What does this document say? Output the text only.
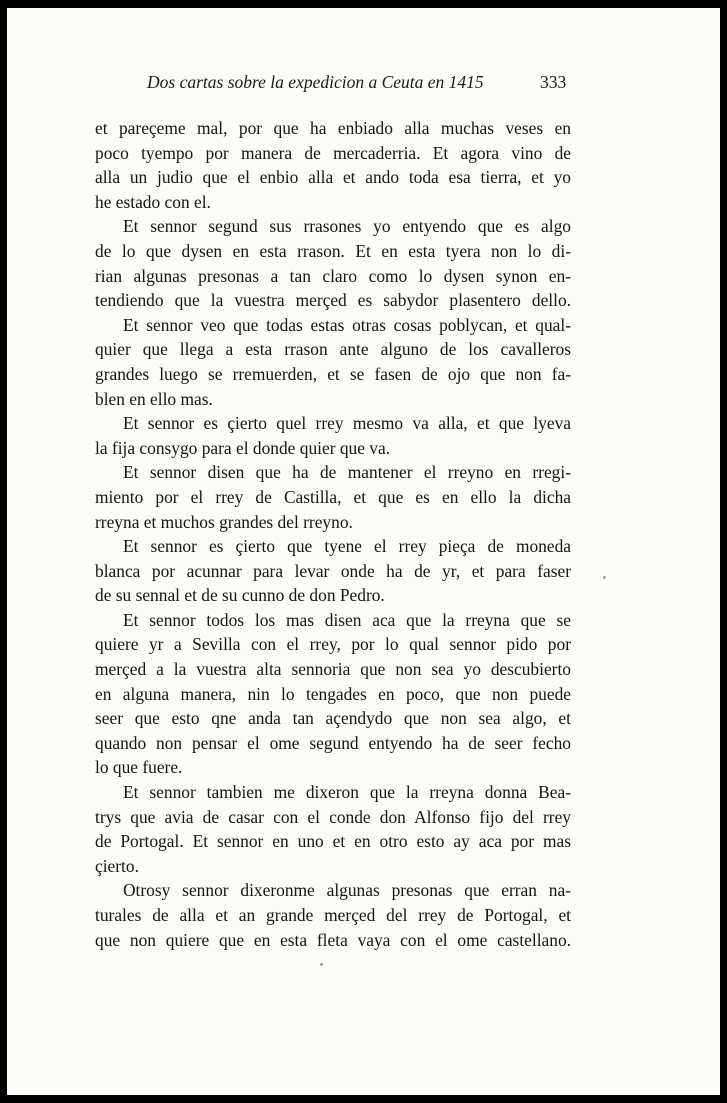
Dos cartas sobre la expedicion a Ceuta en 1415	333
et pareçeme mal, por que ha enbiado alla muchas veses en
poco tyempo por manera de mercaderria. Et agora vino de
alla un judio que el enbio alla et ando toda esa tierra, et yo
he estado con el.
Et sennor segund sus rrasones yo entyendo que es algo
de lo que dysen en esta rrason. Et en esta tyera non lo di-
rian algunas presonas a tan claro como lo dysen synon en-
tendiendo que la vuestra merçed es sabydor plasentero dello.
Et sennor veo que todas estas otras cosas poblycan, et qual-
quier que llega a esta rrason ante alguno de los cavalleros
grandes luego se rremuerden, et se fasen de ojo que non fa-
blen en ello mas.
Et sennor es çierto quel rrey mesmo va alla, et que lyeva
la fija consygo para el donde quier que va.
Et sennor disen que ha de mantener el rreyno en rregi-
miento por el rrey de Castilla, et que es en ello la dicha
rreyna et muchos grandes del rreyno.
Et sennor es çierto que tyene el rrey pieça de moneda
blanca por acunnar para levar onde ha de yr, et para faser
de su sennal et de su cunno de don Pedro.
Et sennor todos los mas disen aca que la rreyna que se
quiere yr a Sevilla con el rrey, por lo qual sennor pido por
merçed a la vuestra alta sennoria que non sea yo descubierto
en alguna manera, nin lo tengades en poco, que non puede
seer que esto qne anda tan açendydo que non sea algo, et
quando non pensar el ome segund entyendo ha de seer fecho
lo que fuere.
Et sennor tambien me dixeron que la rreyna donna Bea-
trys que avia de casar con el conde don Alfonso fijo del rrey
de Portogal. Et sennor en uno et en otro esto ay aca por mas
çierto.
Otrosy sennor dixeronme algunas presonas que erran na-
turales de alla et an grande merçed del rrey de Portogal, et
que non quiere que en esta fleta vaya con el ome castellano.
